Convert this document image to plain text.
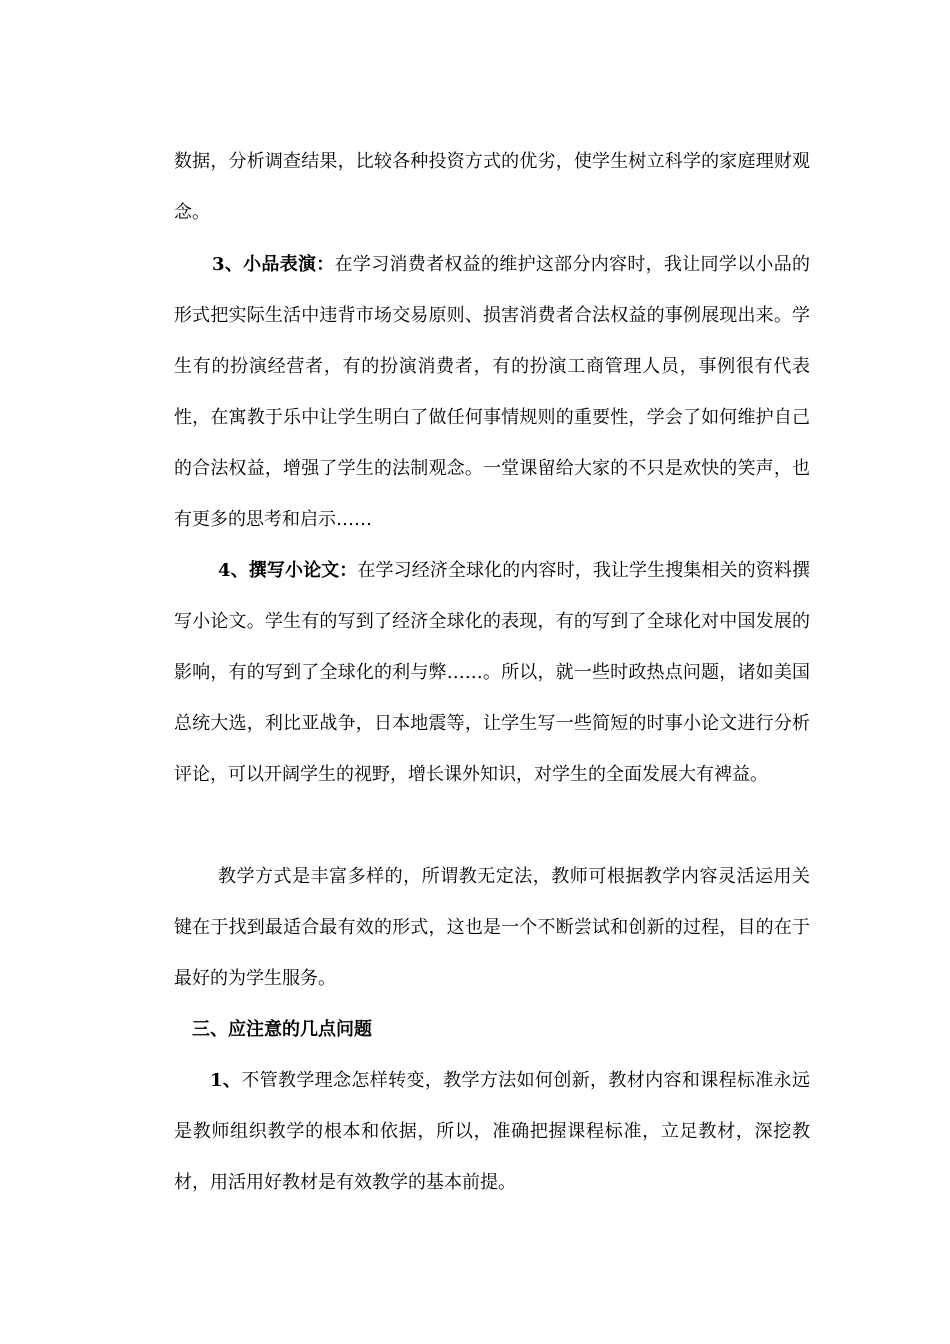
数据，分析调查结果，比较各种投资方式的优劣，使学生树立科学的家庭理财观念。

3、小品表演：在学习消费者权益的维护这部分内容时，我让同学以小品的形式把实际生活中违背市场交易原则、损害消费者合法权益的事例展现出来。学生有的扮演经营者，有的扮演消费者，有的扮演工商管理人员，事例很有代表性，在寓教于乐中让学生明白了做任何事情规则的重要性，学会了如何维护自己的合法权益，增强了学生的法制观念。一堂课留给大家的不只是欢快的笑声，也有更多的思考和启示……

4、撰写小论文：在学习经济全球化的内容时，我让学生搜集相关的资料撰写小论文。学生有的写到了经济全球化的表现，有的写到了全球化对中国发展的影响，有的写到了全球化的利与弊……。所以，就一些时政热点问题，诸如美国总统大选，利比亚战争，日本地震等，让学生写一些简短的时事小论文进行分析评论，可以开阔学生的视野，增长课外知识，对学生的全面发展大有裨益。

教学方式是丰富多样的，所谓教无定法，教师可根据教学内容灵活运用关键在于找到最适合最有效的形式，这也是一个不断尝试和创新的过程，目的在于最好的为学生服务。

三、应注意的几点问题

1、不管教学理念怎样转变，教学方法如何创新，教材内容和课程标准永远是教师组织教学的根本和依据，所以，准确把握课程标准，立足教材，深挖教材，用活用好教材是有效教学的基本前提。
